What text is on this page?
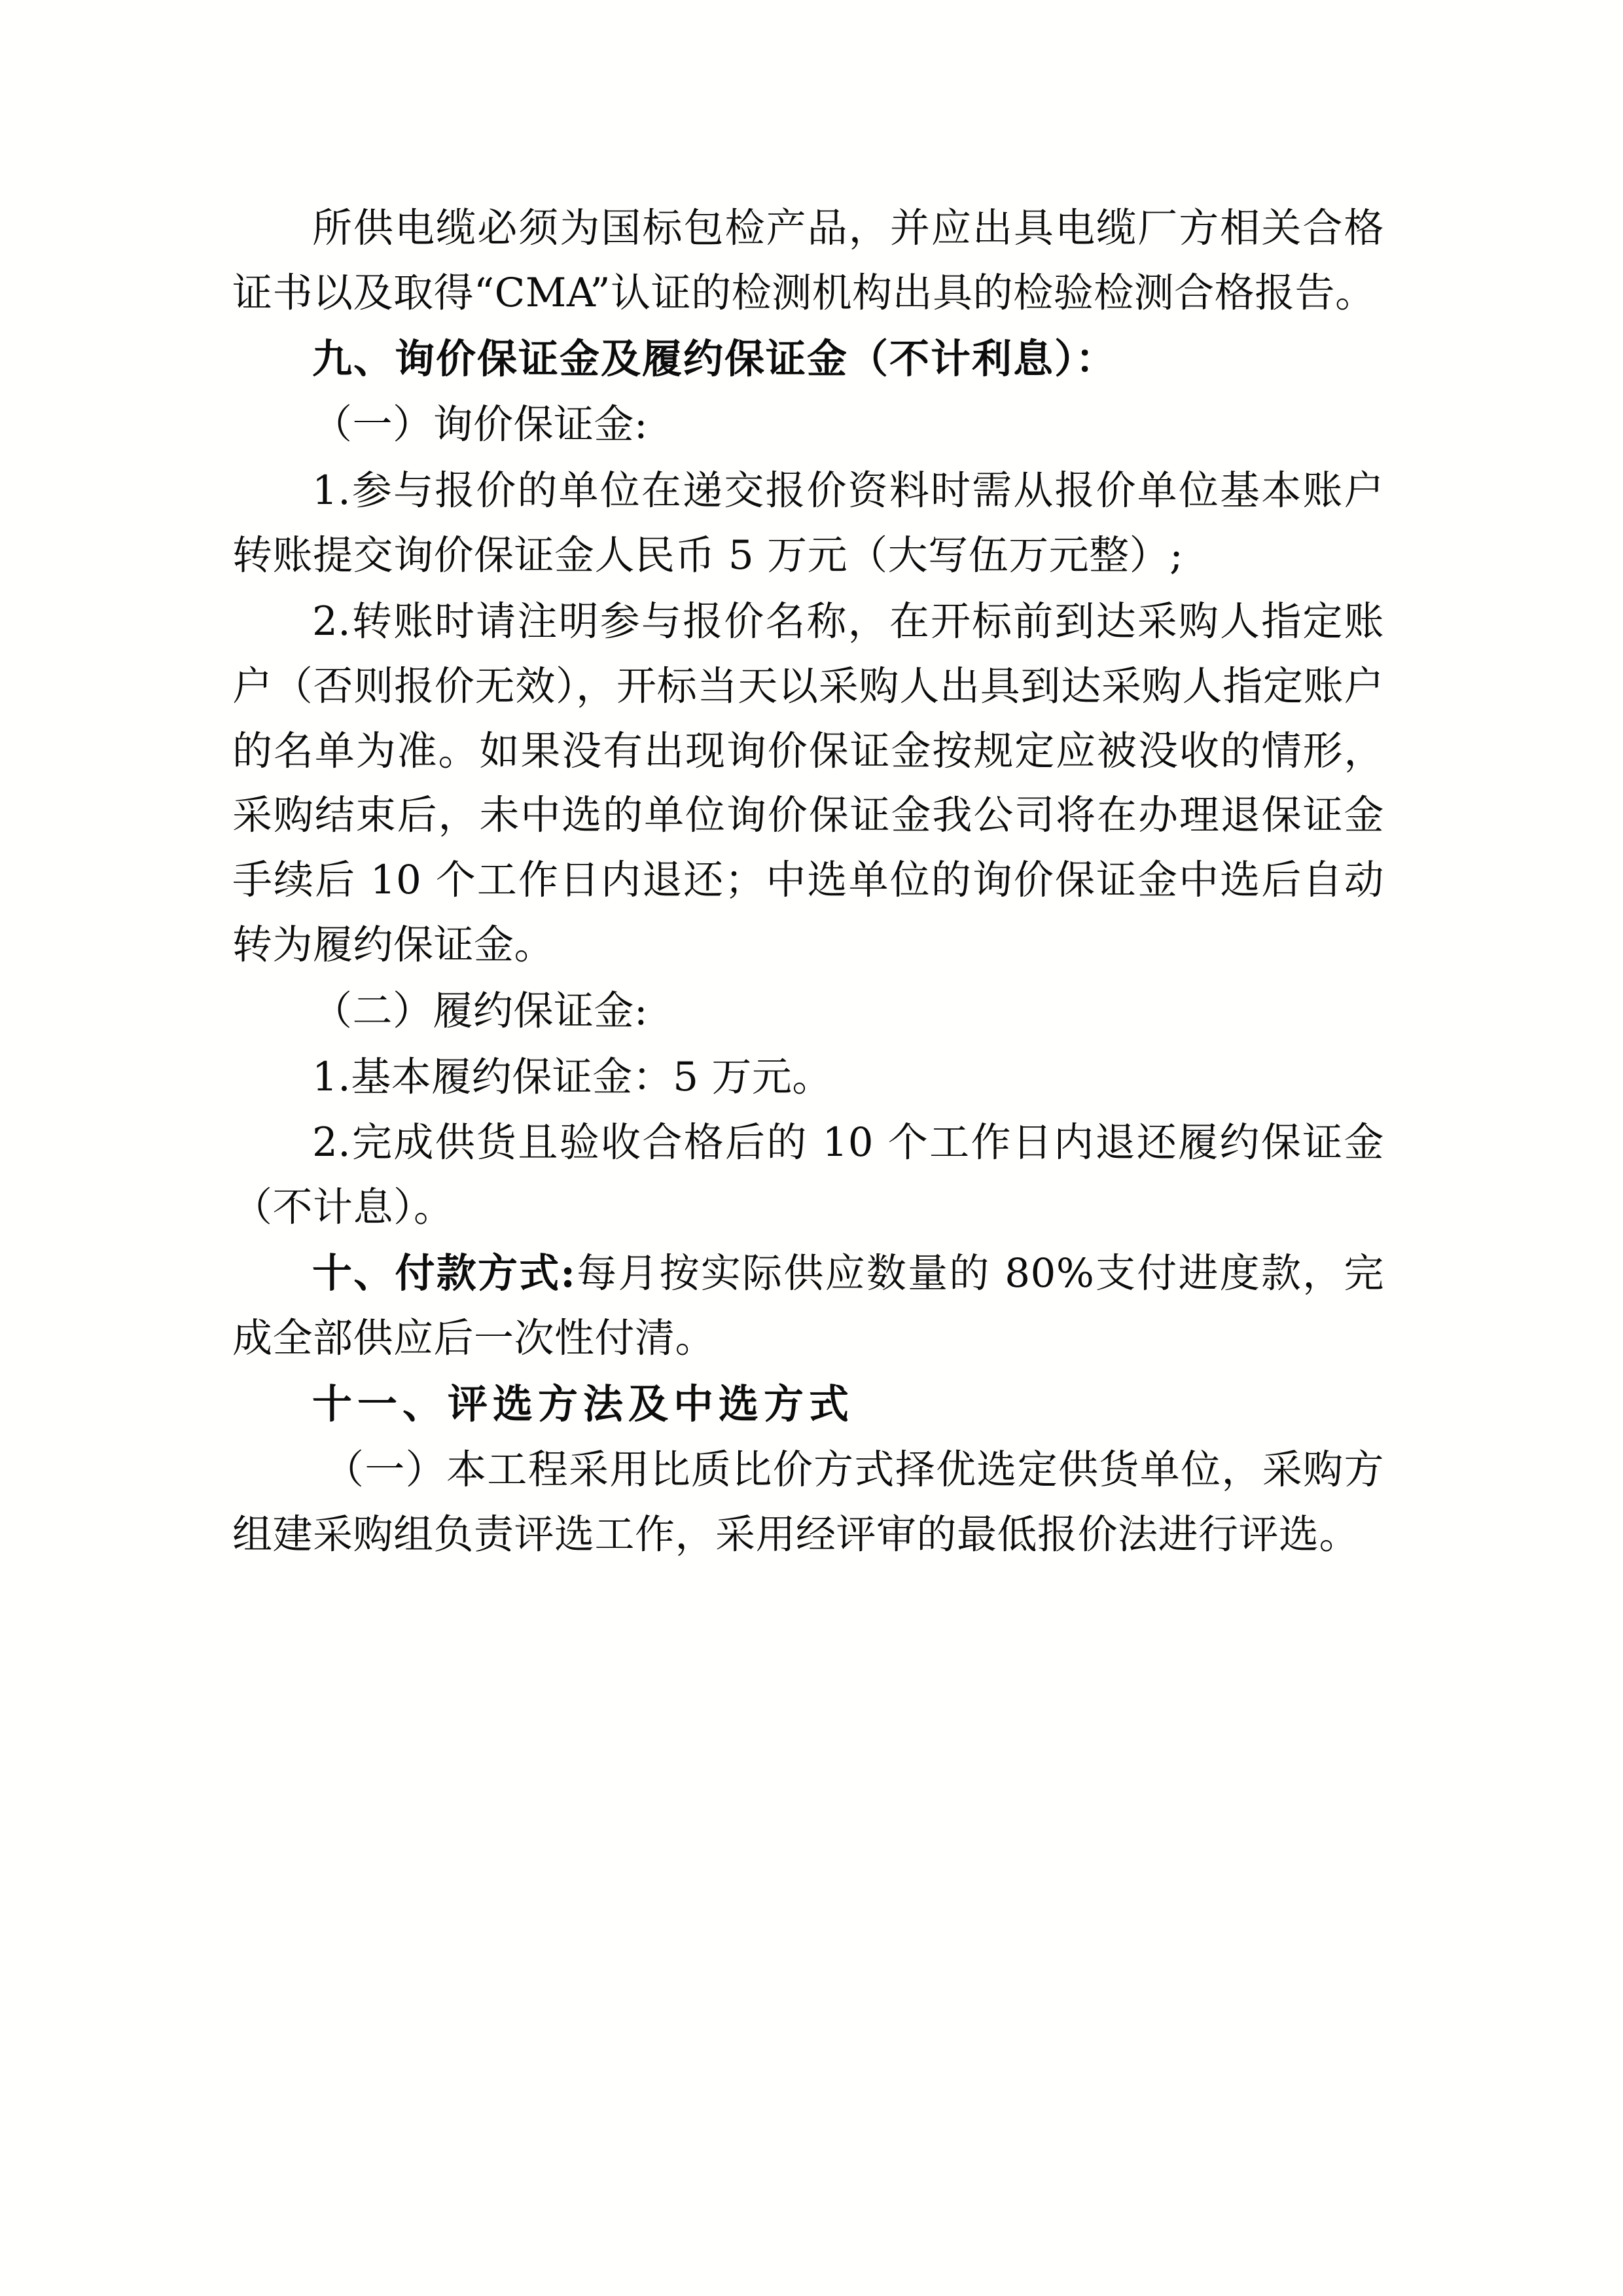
所供电缆必须为国标包检产品，并应出具电缆厂方相关合格证书以及取得“CMA”认证的检测机构出具的检验检测合格报告。

九、询价保证金及履约保证金（不计利息）：

（一）询价保证金:

1.参与报价的单位在递交报价资料时需从报价单位基本账户转账提交询价保证金人民币 5 万元（大写伍万元整）;

2.转账时请注明参与报价名称，在开标前到达采购人指定账户（否则报价无效），开标当天以采购人出具到达采购人指定账户的名单为准。如果没有出现询价保证金按规定应被没收的情形，采购结束后，未中选的单位询价保证金我公司将在办理退保证金手续后 10 个工作日内退还；中选单位的询价保证金中选后自动转为履约保证金。

（二）履约保证金:

1.基本履约保证金：5 万元。

2.完成供货且验收合格后的 10 个工作日内退还履约保证金（不计息）。

十、付款方式:每月按实际供应数量的 80%支付进度款，完成全部供应后一次性付清。

十一、评选方法及中选方式

（一）本工程采用比质比价方式择优选定供货单位，采购方组建采购组负责评选工作，采用经评审的最低报价法进行评选。
